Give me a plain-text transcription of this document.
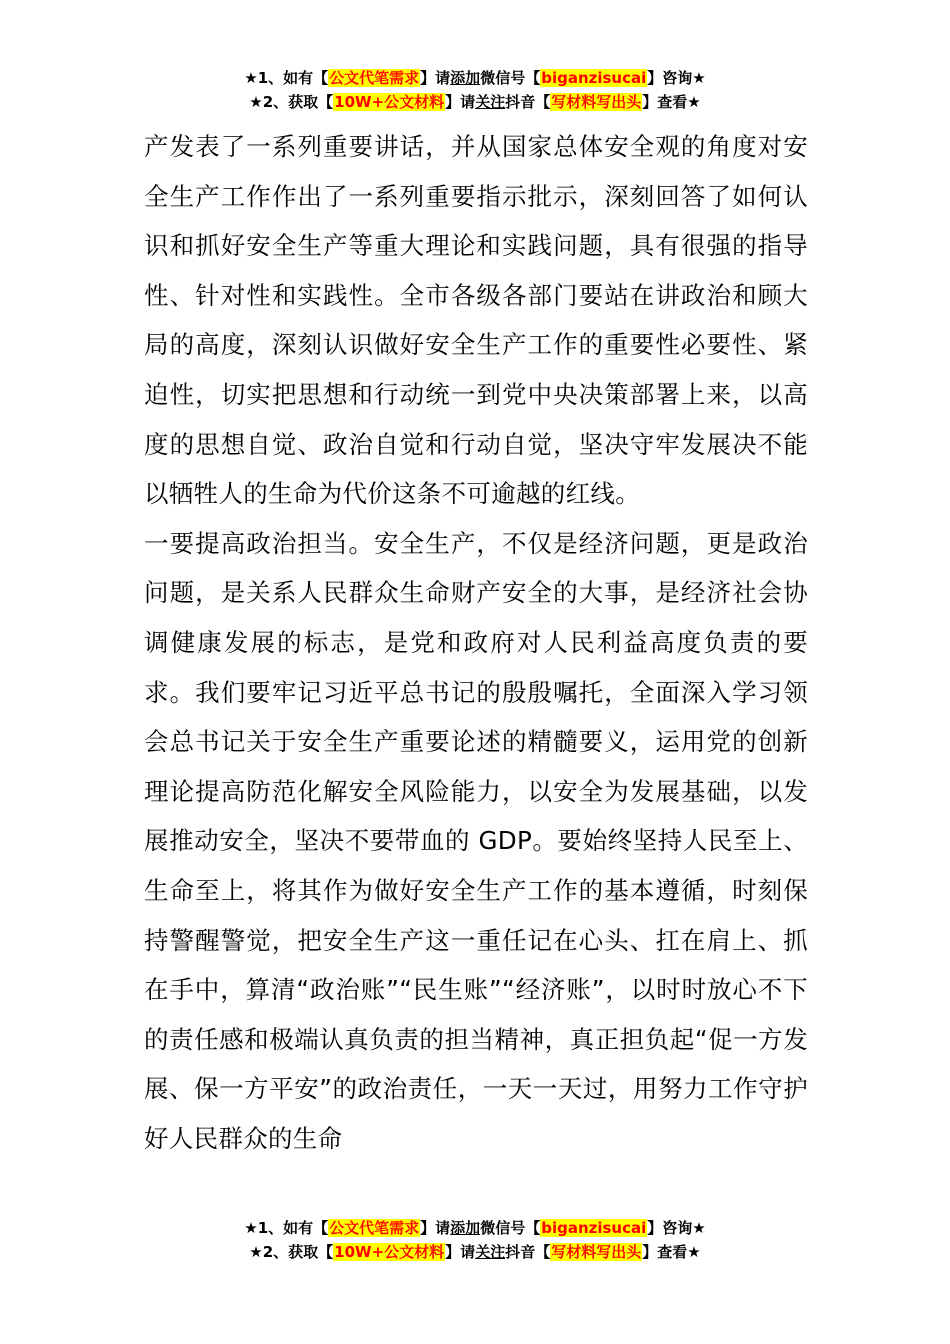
★1、如有【公文代笔需求】请添加微信号【biganzisucai】咨询★
★2、获取【10W+公文材料】请关注抖音【写材料写出头】查看★

产发表了一系列重要讲话，并从国家总体安全观的角度对安全生产工作作出了一系列重要指示批示，深刻回答了如何认识和抓好安全生产等重大理论和实践问题，具有很强的指导性、针对性和实践性。全市各级各部门要站在讲政治和顾大局的高度，深刻认识做好安全生产工作的重要性必要性、紧迫性，切实把思想和行动统一到党中央决策部署上来，以高度的思想自觉、政治自觉和行动自觉，坚决守牢发展决不能以牺牲人的生命为代价这条不可逾越的红线。

一要提高政治担当。安全生产，不仅是经济问题，更是政治问题，是关系人民群众生命财产安全的大事，是经济社会协调健康发展的标志，是党和政府对人民利益高度负责的要求。我们要牢记习近平总书记的殷殷嘱托，全面深入学习领会总书记关于安全生产重要论述的精髓要义，运用党的创新理论提高防范化解安全风险能力，以安全为发展基础，以发展推动安全，坚决不要带血的 GDP。要始终坚持人民至上、生命至上，将其作为做好安全生产工作的基本遵循，时刻保持警醒警觉，把安全生产这一重任记在心头、扛在肩上、抓在手中，算清“政治账”“民生账”“经济账”，以时时放心不下的责任感和极端认真负责的担当精神，真正担负起“促一方发展、保一方平安”的政治责任，一天一天过，用努力工作守护好人民群众的生命

★1、如有【公文代笔需求】请添加微信号【biganzisucai】咨询★
★2、获取【10W+公文材料】请关注抖音【写材料写出头】查看★
